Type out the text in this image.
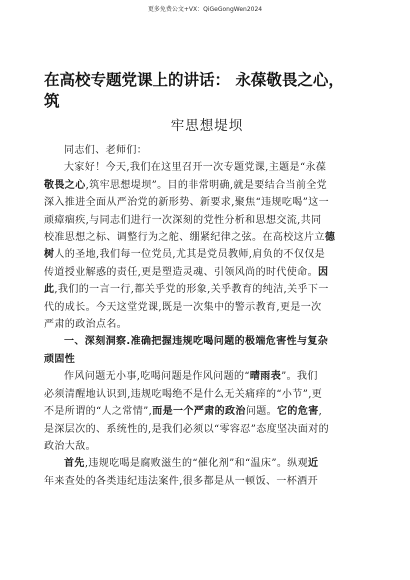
更多免费公文+VX：QiGeGongWen2024
在高校专题党课上的讲话： 永葆敬畏之心，
筑
牢思想堤坝
同志们、老师们：
大家好！今天,我们在这里召开一次专题党课,主题是“永葆
敬畏之心,筑牢思想堤坝”。目的非常明确,就是要结合当前全党
深入推进全面从严治党的新形势、新要求,聚焦“违规吃喝”这一
顽瘴痼疾,与同志们进行一次深刻的党性分析和思想交流,共同
校准思想之标、调整行为之舵、绷紧纪律之弦。在高校这片立德
树人的圣地,我们每一位党员,尤其是党员教师,肩负的不仅仅是
传道授业解惑的责任,更是塑造灵魂、引领风尚的时代使命。因
此,我们的一言一行,都关乎党的形象,关乎教育的纯洁,关乎下一
代的成长。今天这堂党课,既是一次集中的警示教育,更是一次
严肃的政治点名。
一、深刻洞察.准确把握违规吃喝问题的极端危害性与复杂
顽固性
作风问题无小事,吃喝问题是作风问题的“晴雨表”。我们
必须清醒地认识到,违规吃喝绝不是什么无关痛痒的“小节”,更
不是所谓的“人之常情”,而是一个严肃的政治问题。它的危害,
是深层次的、系统性的,是我们必须以“零容忍”态度坚决面对的
政治大敌。
首先,违规吃喝是腐败滋生的“催化剂”和“温床”。纵观近
年来查处的各类违纪违法案件,很多都是从一顿饭、一杯酒开
